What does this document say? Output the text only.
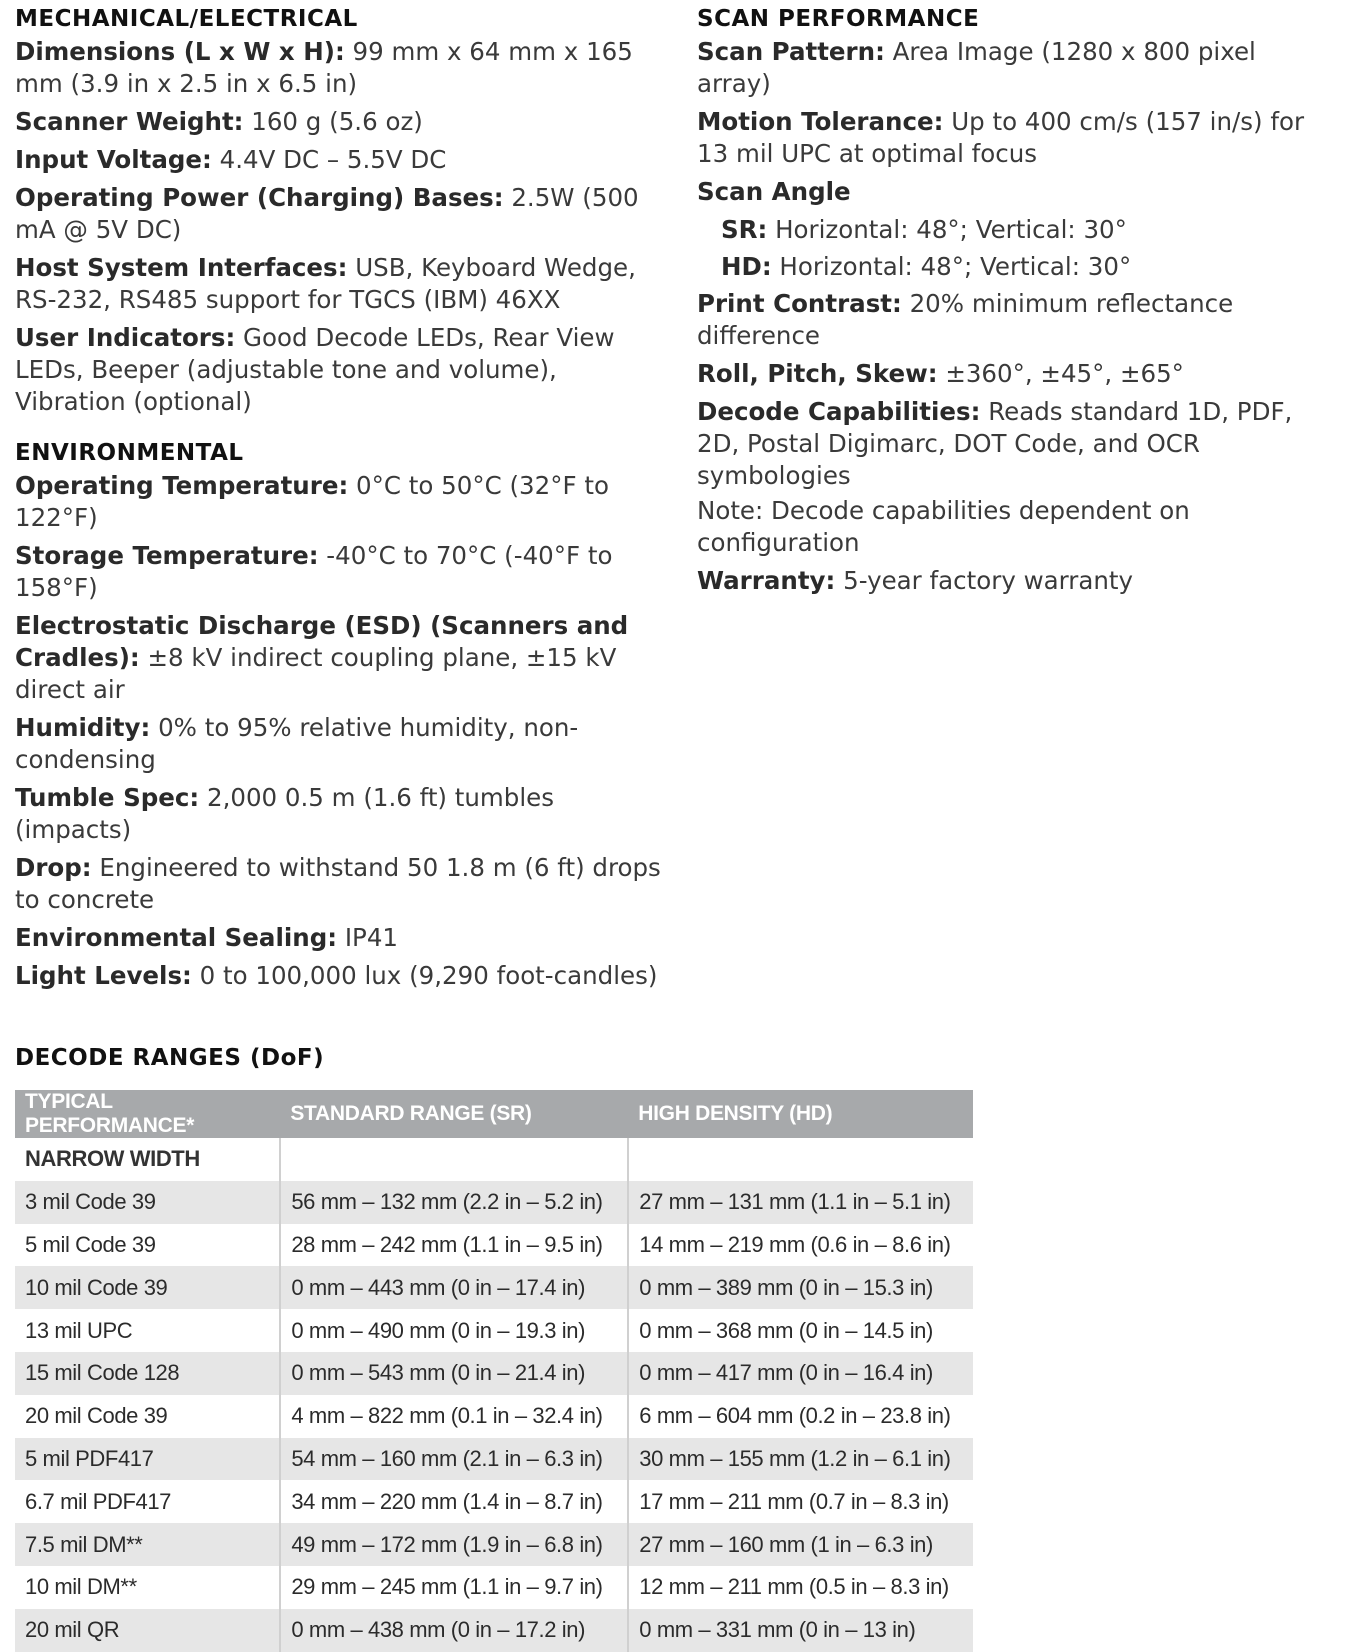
MECHANICAL/ELECTRICAL
Dimensions (L x W x H): 99 mm x 64 mm x 165 mm (3.9 in x 2.5 in x 6.5 in)
Scanner Weight: 160 g (5.6 oz)
Input Voltage: 4.4V DC – 5.5V DC
Operating Power (Charging) Bases: 2.5W (500 mA @ 5V DC)
Host System Interfaces: USB, Keyboard Wedge, RS-232, RS485 support for TGCS (IBM) 46XX
User Indicators: Good Decode LEDs, Rear View LEDs, Beeper (adjustable tone and volume), Vibration (optional)
ENVIRONMENTAL
Operating Temperature: 0°C to 50°C (32°F to 122°F)
Storage Temperature: -40°C to 70°C (-40°F to 158°F)
Electrostatic Discharge (ESD) (Scanners and Cradles): ±8 kV indirect coupling plane, ±15 kV direct air
Humidity: 0% to 95% relative humidity, non-condensing
Tumble Spec: 2,000 0.5 m (1.6 ft) tumbles (impacts)
Drop: Engineered to withstand 50 1.8 m (6 ft) drops to concrete
Environmental Sealing: IP41
Light Levels: 0 to 100,000 lux (9,290 foot-candles)
SCAN PERFORMANCE
Scan Pattern: Area Image (1280 x 800 pixel array)
Motion Tolerance: Up to 400 cm/s (157 in/s) for 13 mil UPC at optimal focus
Scan Angle
SR: Horizontal: 48°; Vertical: 30°
HD: Horizontal: 48°; Vertical: 30°
Print Contrast: 20% minimum reflectance difference
Roll, Pitch, Skew: ±360°, ±45°, ±65°
Decode Capabilities: Reads standard 1D, PDF, 2D, Postal Digimarc, DOT Code, and OCR symbologies
Note: Decode capabilities dependent on configuration
Warranty: 5-year factory warranty
DECODE RANGES (DoF)
TYPICAL PERFORMANCE*	STANDARD RANGE (SR)	HIGH DENSITY (HD)
NARROW WIDTH		
3 mil Code 39	56 mm – 132 mm (2.2 in – 5.2 in)	27 mm – 131 mm (1.1 in – 5.1 in)
5 mil Code 39	28 mm – 242 mm (1.1 in – 9.5 in)	14 mm – 219 mm (0.6 in – 8.6 in)
10 mil Code 39	0 mm – 443 mm (0 in – 17.4 in)	0 mm – 389 mm (0 in – 15.3 in)
13 mil UPC	0 mm – 490 mm (0 in – 19.3 in)	0 mm – 368 mm (0 in – 14.5 in)
15 mil Code 128	0 mm – 543 mm (0 in – 21.4 in)	0 mm – 417 mm (0 in – 16.4 in)
20 mil Code 39	4 mm – 822 mm (0.1 in – 32.4 in)	6 mm – 604 mm (0.2 in – 23.8 in)
5 mil PDF417	54 mm – 160 mm (2.1 in – 6.3 in)	30 mm – 155 mm (1.2 in – 6.1 in)
6.7 mil PDF417	34 mm – 220 mm (1.4 in – 8.7 in)	17 mm – 211 mm (0.7 in – 8.3 in)
7.5 mil DM**	49 mm – 172 mm (1.9 in – 6.8 in)	27 mm – 160 mm (1 in – 6.3 in)
10 mil DM**	29 mm – 245 mm (1.1 in – 9.7 in)	12 mm – 211 mm (0.5 in – 8.3 in)
20 mil QR	0 mm – 438 mm (0 in – 17.2 in)	0 mm – 331 mm (0 in – 13 in)
